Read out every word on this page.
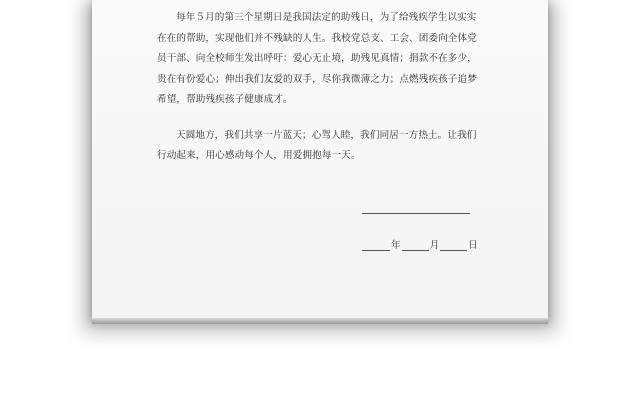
每年５月的第三个星期日是我国法定的助残日，为了给残疾学生以实实在在的帮助，实现他们并不残缺的人生。我校党总支、工会、团委向全体党员干部、向全校师生发出呼吁：爱心无止境，助残见真情；捐款不在多少，贵在有份爱心；伸出我们友爱的双手，尽你我微薄之力；点燃残疾孩子追梦希望，帮助残疾孩子健康成才。

天圆地方，我们共享一片蓝天；心驾人睦，我们同居一方热土。让我们行动起来，用心感动每个人，用爱拥抱每一天。

年	月	日
